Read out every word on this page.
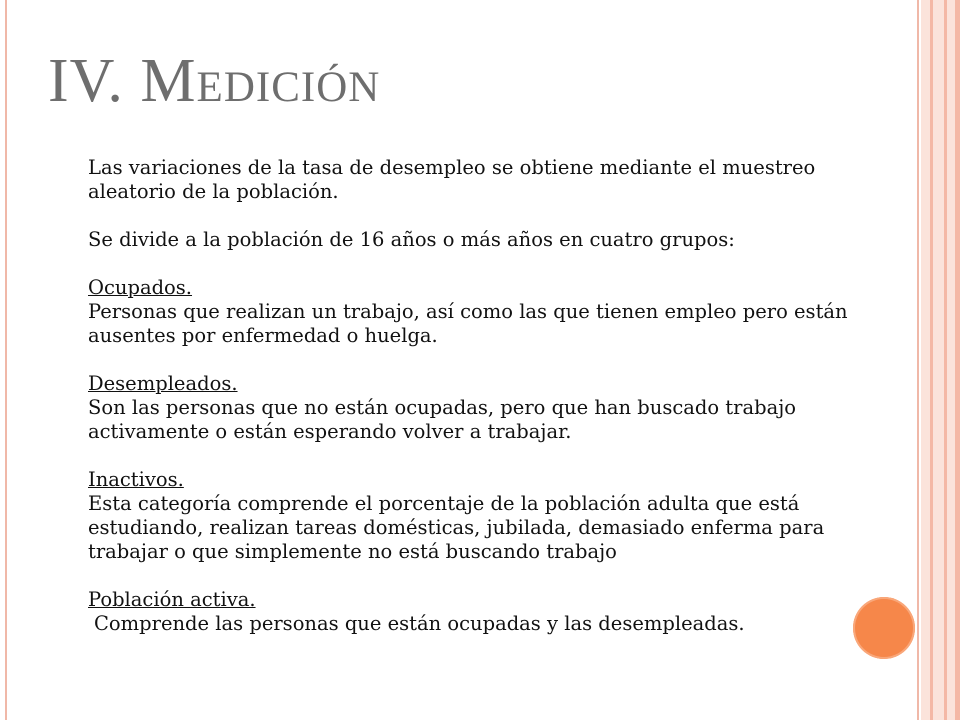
IV. Medición

Las variaciones de la tasa de desempleo se obtiene mediante el muestreo aleatorio de la población.

Se divide a la población de 16 años o más años en cuatro grupos:

Ocupados.

Personas que realizan un trabajo, así como las que tienen empleo pero están ausentes por enfermedad o huelga.

Desempleados.

Son las personas que no están ocupadas, pero que han buscado trabajo activamente o están esperando volver a trabajar.

Inactivos.

Esta categoría comprende el porcentaje de la población adulta que está estudiando, realizan tareas domésticas, jubilada, demasiado enferma para trabajar o que simplemente no está buscando trabajo

Población activa.

Comprende las personas que están ocupadas y las desempleadas.
